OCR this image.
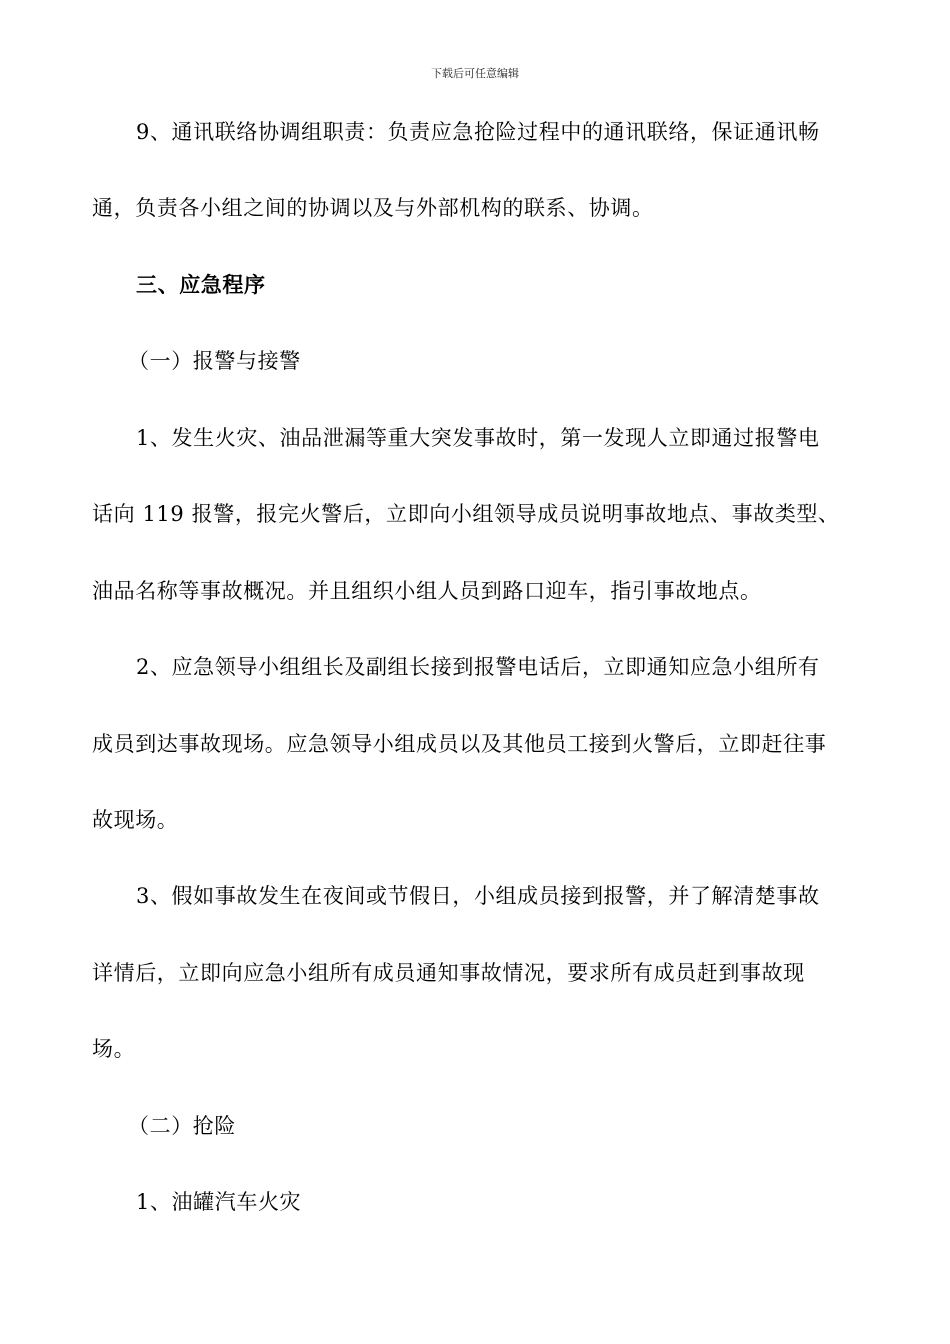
下载后可任意编辑
9、通讯联络协调组职责：负责应急抢险过程中的通讯联络，保证通讯畅
通，负责各小组之间的协调以及与外部机构的联系、协调。
三、应急程序
（一）报警与接警
1、发生火灾、油品泄漏等重大突发事故时，第一发现人立即通过报警电
话向 119 报警，报完火警后，立即向小组领导成员说明事故地点、事故类型、
油品名称等事故概况。并且组织小组人员到路口迎车，指引事故地点。
2、应急领导小组组长及副组长接到报警电话后，立即通知应急小组所有
成员到达事故现场。应急领导小组成员以及其他员工接到火警后，立即赶往事
故现场。
3、假如事故发生在夜间或节假日，小组成员接到报警，并了解清楚事故
详情后，立即向应急小组所有成员通知事故情况，要求所有成员赶到事故现
场。
（二）抢险
1、油罐汽车火灾
